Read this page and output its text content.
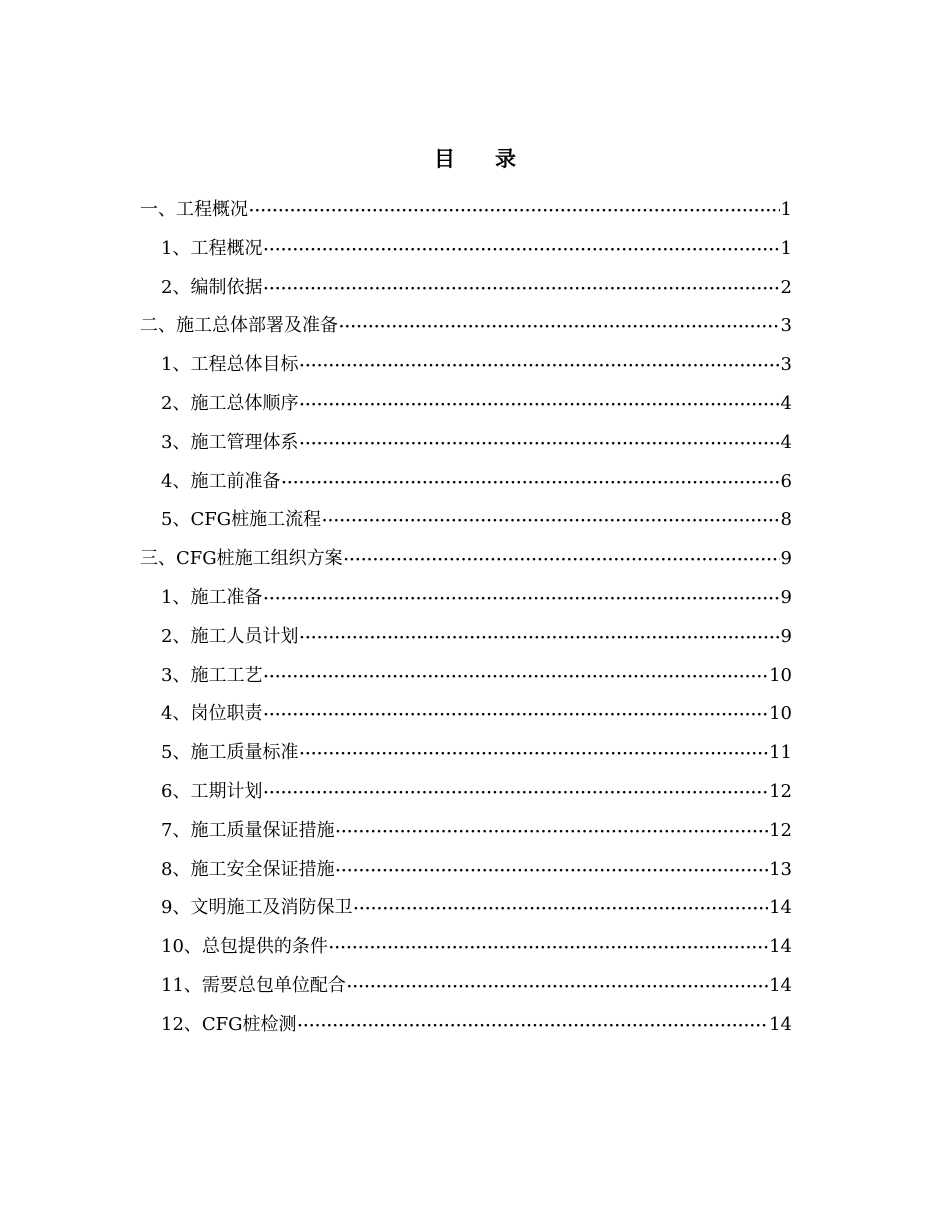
目 录
一、工程概况 ·····	1
1、工程概况 ·····	1
2、编制依据 ·····	2
二、施工总体部署及准备 ·····	3
1、工程总体目标 ·····	3
2、施工总体顺序 ·····	4
3、施工管理体系 ·····	4
4、施工前准备 ·····	6
5、CFG桩施工流程 ·····	8
三、CFG桩施工组织方案 ·····	9
1、施工准备 ·····	9
2、施工人员计划 ·····	9
3、施工工艺 ·····	10
4、岗位职责 ·····	10
5、施工质量标准 ·····	11
6、工期计划 ·····	12
7、施工质量保证措施 ·····	12
8、施工安全保证措施 ·····	13
9、文明施工及消防保卫 ·····	14
10、总包提供的条件 ·····	14
11、需要总包单位配合 ·····	14
12、CFG桩检测 ·····	14
